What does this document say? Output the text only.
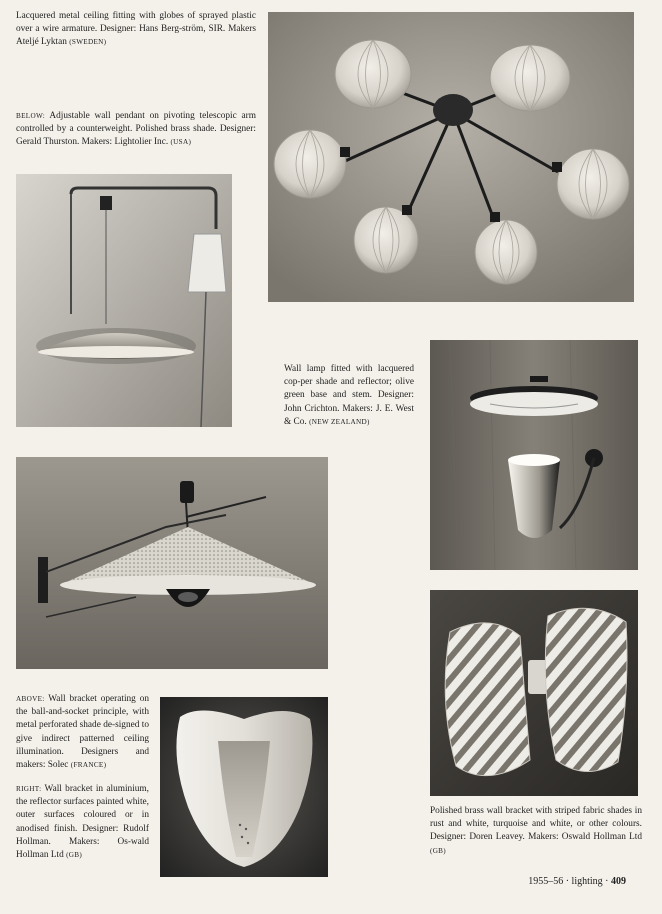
Lacquered metal ceiling fitting with globes of sprayed plastic over a wire armature. Designer: Hans Berg-ström, SIR. Makers Atelјé Lyktan (SWEDEN)

BELOW: Adjustable wall pendant on pivoting telescopic arm controlled by a counterweight. Polished brass shade. Designer: Gerald Thurston. Makers: Lightolier Inc. (USA)

Wall lamp fitted with lacquered cop-per shade and reflector; olive green base and stem. Designer: John Crichton. Makers: J. E. West & Co. (NEW ZEALAND)

ABOVE: Wall bracket operating on the ball-and-socket principle, with metal perforated shade de-signed to give indirect patterned ceiling illumination. Designers and makers: Solec (FRANCE)

RIGHT: Wall bracket in aluminium, the reflector surfaces painted white, outer surfaces coloured or in anodised finish. Designer: Rudolf Hollman. Makers: Os-wald Hollman Ltd (GB)

Polished brass wall bracket with striped fabric shades in rust and white, turquoise and white, or other colours. Designer: Doren Leavey. Makers: Oswald Hollman Ltd (GB)

1955–56 · lighting · 409
